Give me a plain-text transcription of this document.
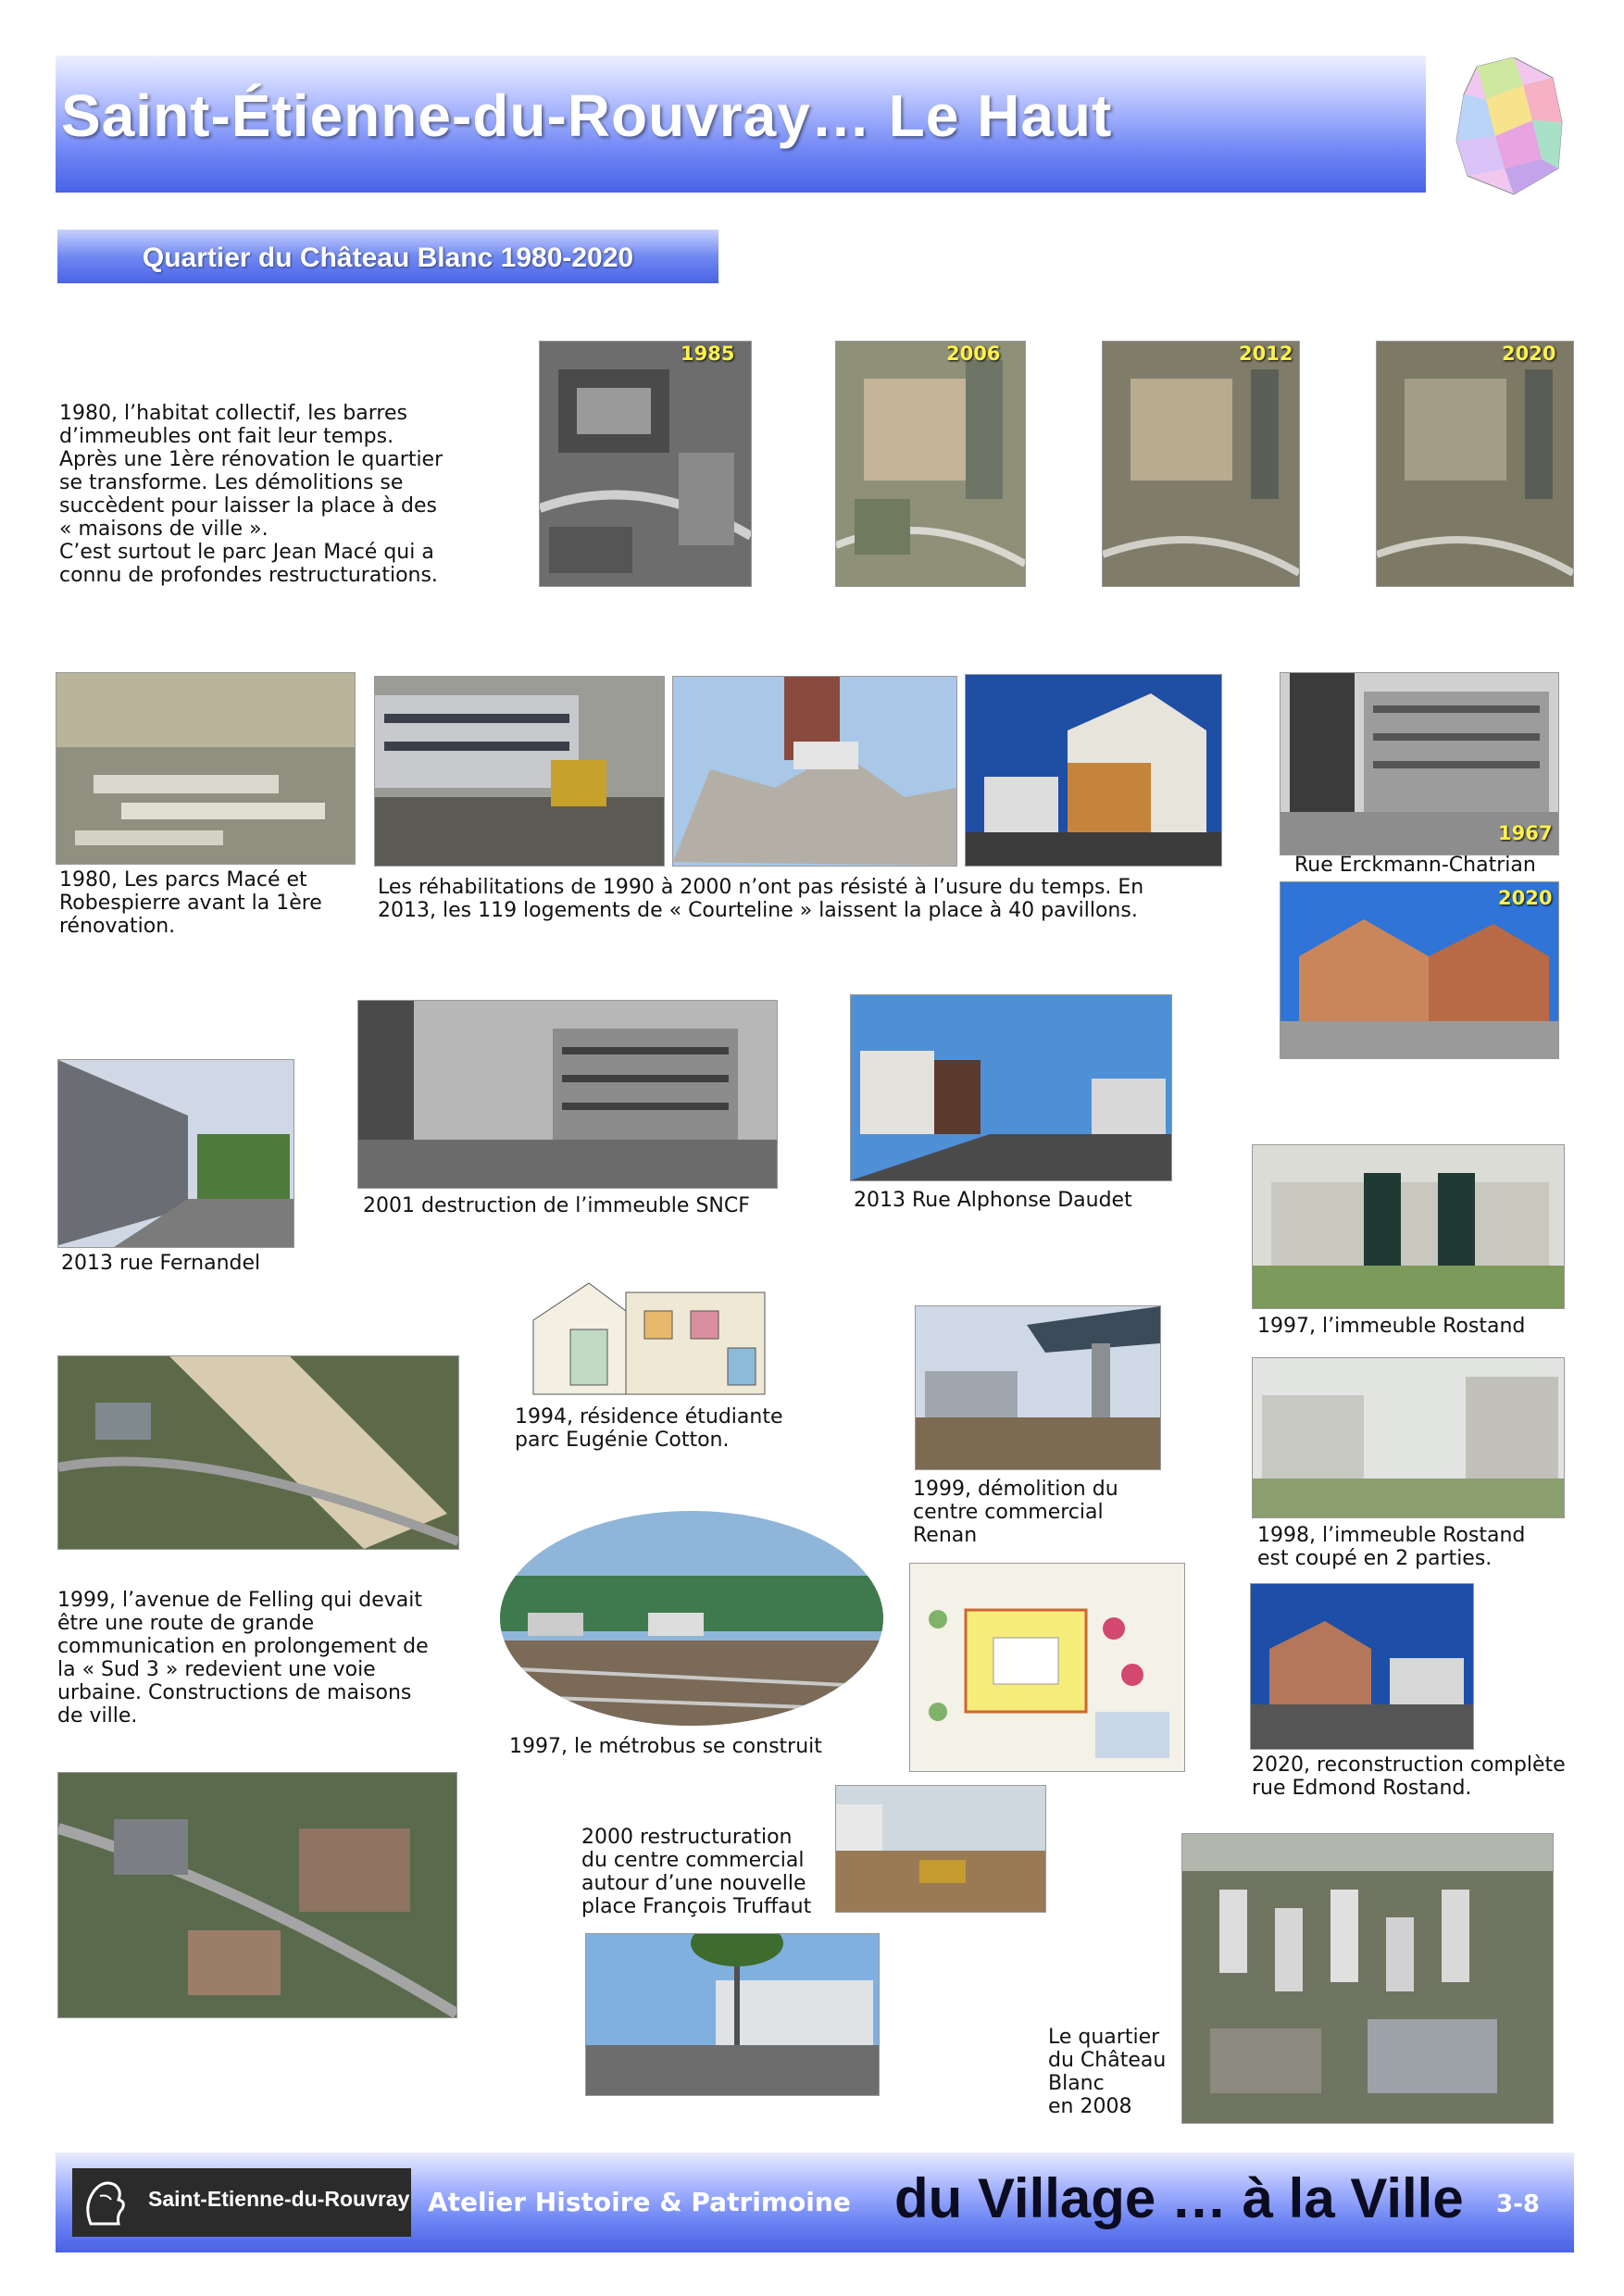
Saint-Étienne-du-Rouvray… Le Haut
Quartier du Château Blanc 1980-2020
1980, l’habitat collectif, les barres
d’immeubles ont fait leur temps.
Après une 1ère rénovation le quartier
se transforme. Les démolitions se
succèdent pour laisser la place à des
« maisons de ville ».
C’est surtout le parc Jean Macé qui a
connu de profondes restructurations.
1985	2006	2012	2020
1980, Les parcs Macé et
Robespierre avant la 1ère
rénovation.
Les réhabilitations de 1990 à 2000 n’ont pas résisté à l’usure du temps. En
2013, les 119 logements de « Courteline » laissent la place à 40 pavillons.
1967
Rue Erckmann-Chatrian
2020
2013 rue Fernandel
2001 destruction de l’immeuble SNCF	2013 Rue Alphonse Daudet
1997, l’immeuble Rostand
1994, résidence étudiante
parc Eugénie Cotton.
1999, démolition du
centre commercial
Renan
1999, l’avenue de Felling qui devait
être une route de grande
communication en prolongement de
la « Sud 3 » redevient une voie
urbaine. Constructions de maisons
de ville.
1997, le métrobus se construit
1998, l’immeuble Rostand
est coupé en 2 parties.
2020, reconstruction complète
rue Edmond Rostand.
2000 restructuration
du centre commercial
autour d’une nouvelle
place François Truffaut
Le quartier
du Château
Blanc
en 2008
Saint-Etienne-du-Rouvray Atelier Histoire & Patrimoine du Village … à la Ville 3-8
